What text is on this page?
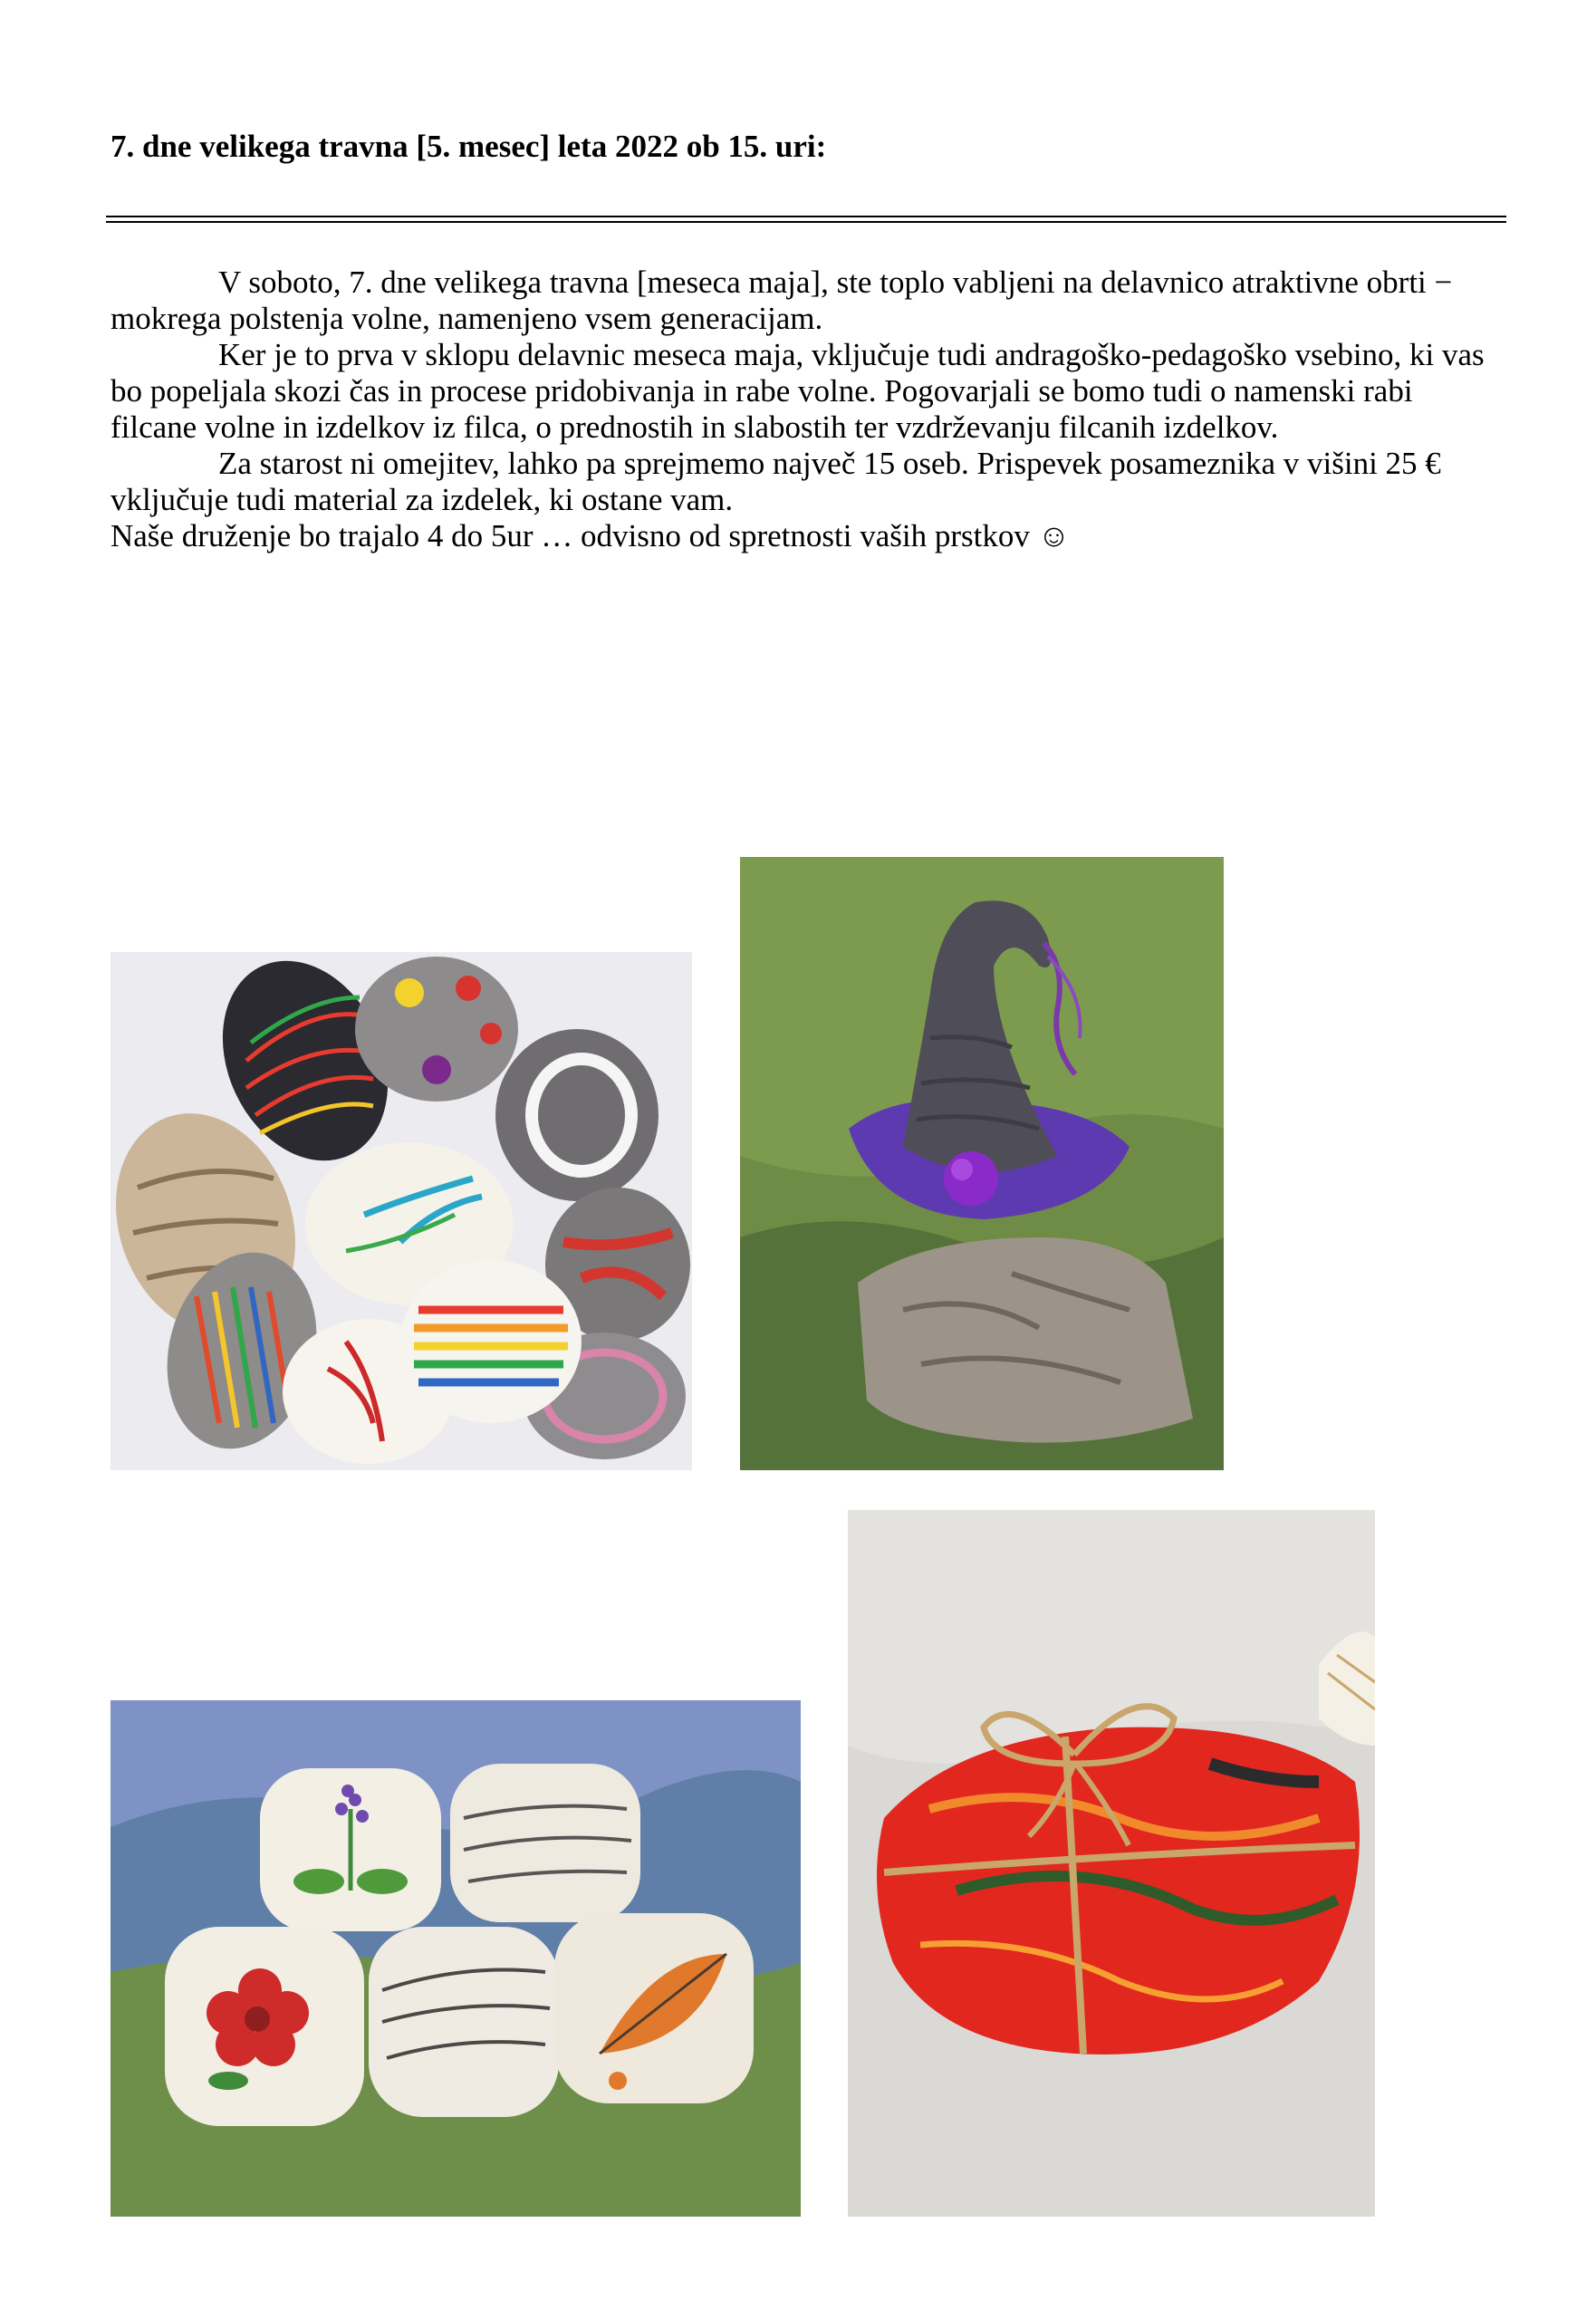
7. dne velikega travna [5. mesec] leta 2022 ob 15. uri:

V soboto, 7. dne velikega travna [meseca maja], ste toplo vabljeni na delavnico atraktivne obrti − mokrega polstenja volne, namenjeno vsem generacijam.

Ker je to prva v sklopu delavnic meseca maja, vključuje tudi andragoško-pedagoško vsebino, ki vas bo popeljala skozi čas in procese pridobivanja in rabe volne. Pogovarjali se bomo tudi o namenski rabi filcane volne in izdelkov iz filca, o prednostih in slabostih ter vzdrževanju filcanih izdelkov.

Za starost ni omejitev, lahko pa sprejmemo največ 15 oseb. Prispevek posameznika v višini 25 € vključuje tudi material za izdelek, ki ostane vam.

Naše druženje bo trajalo 4 do 5ur … odvisno od spretnosti vaših prstkov ☺
